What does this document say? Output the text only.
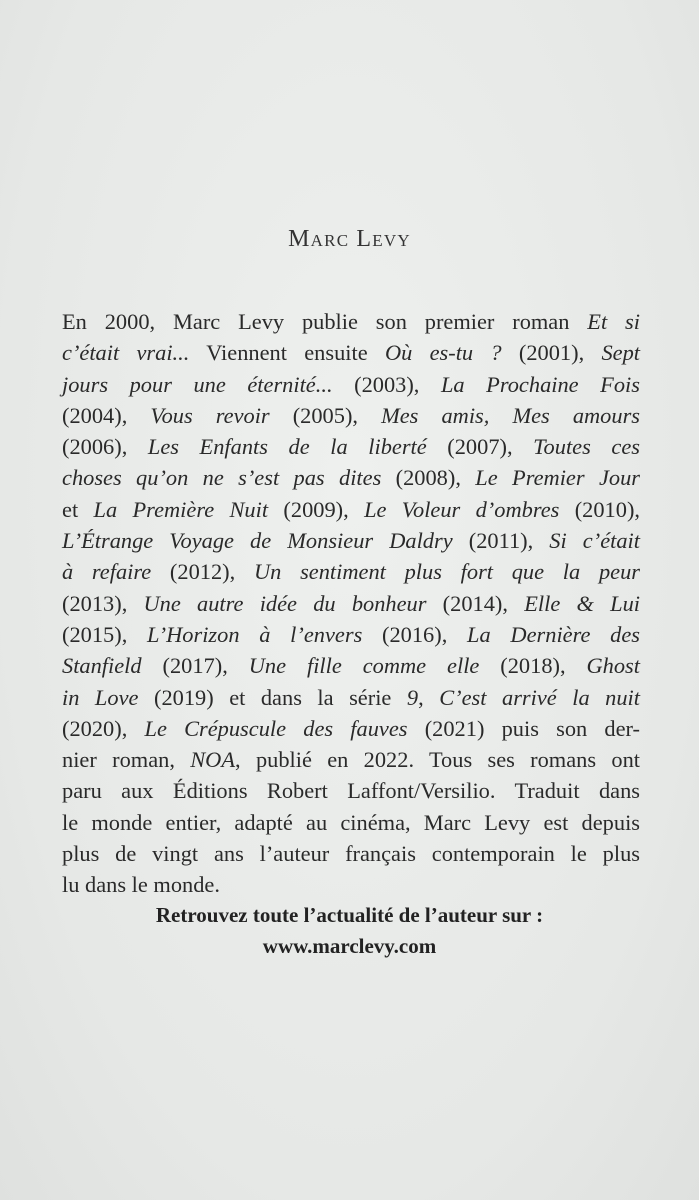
Marc Levy
En 2000, Marc Levy publie son premier roman Et si
c’était vrai... Viennent ensuite Où es-tu ? (2001), Sept
jours pour une éternité... (2003), La Prochaine Fois
(2004), Vous revoir (2005), Mes amis, Mes amours
(2006), Les Enfants de la liberté (2007), Toutes ces
choses qu’on ne s’est pas dites (2008), Le Premier Jour
et La Première Nuit (2009), Le Voleur d’ombres (2010),
L’Étrange Voyage de Monsieur Daldry (2011), Si c’était
à refaire (2012), Un sentiment plus fort que la peur
(2013), Une autre idée du bonheur (2014), Elle & Lui
(2015), L’Horizon à l’envers (2016), La Dernière des
Stanfield (2017), Une fille comme elle (2018), Ghost
in Love (2019) et dans la série 9, C’est arrivé la nuit
(2020), Le Crépuscule des fauves (2021) puis son der-
nier roman, NOA, publié en 2022. Tous ses romans ont
paru aux Éditions Robert Laffont/Versilio. Traduit dans
le monde entier, adapté au cinéma, Marc Levy est depuis
plus de vingt ans l’auteur français contemporain le plus
lu dans le monde.
Retrouvez toute l’actualité de l’auteur sur :
www.marclevy.com
